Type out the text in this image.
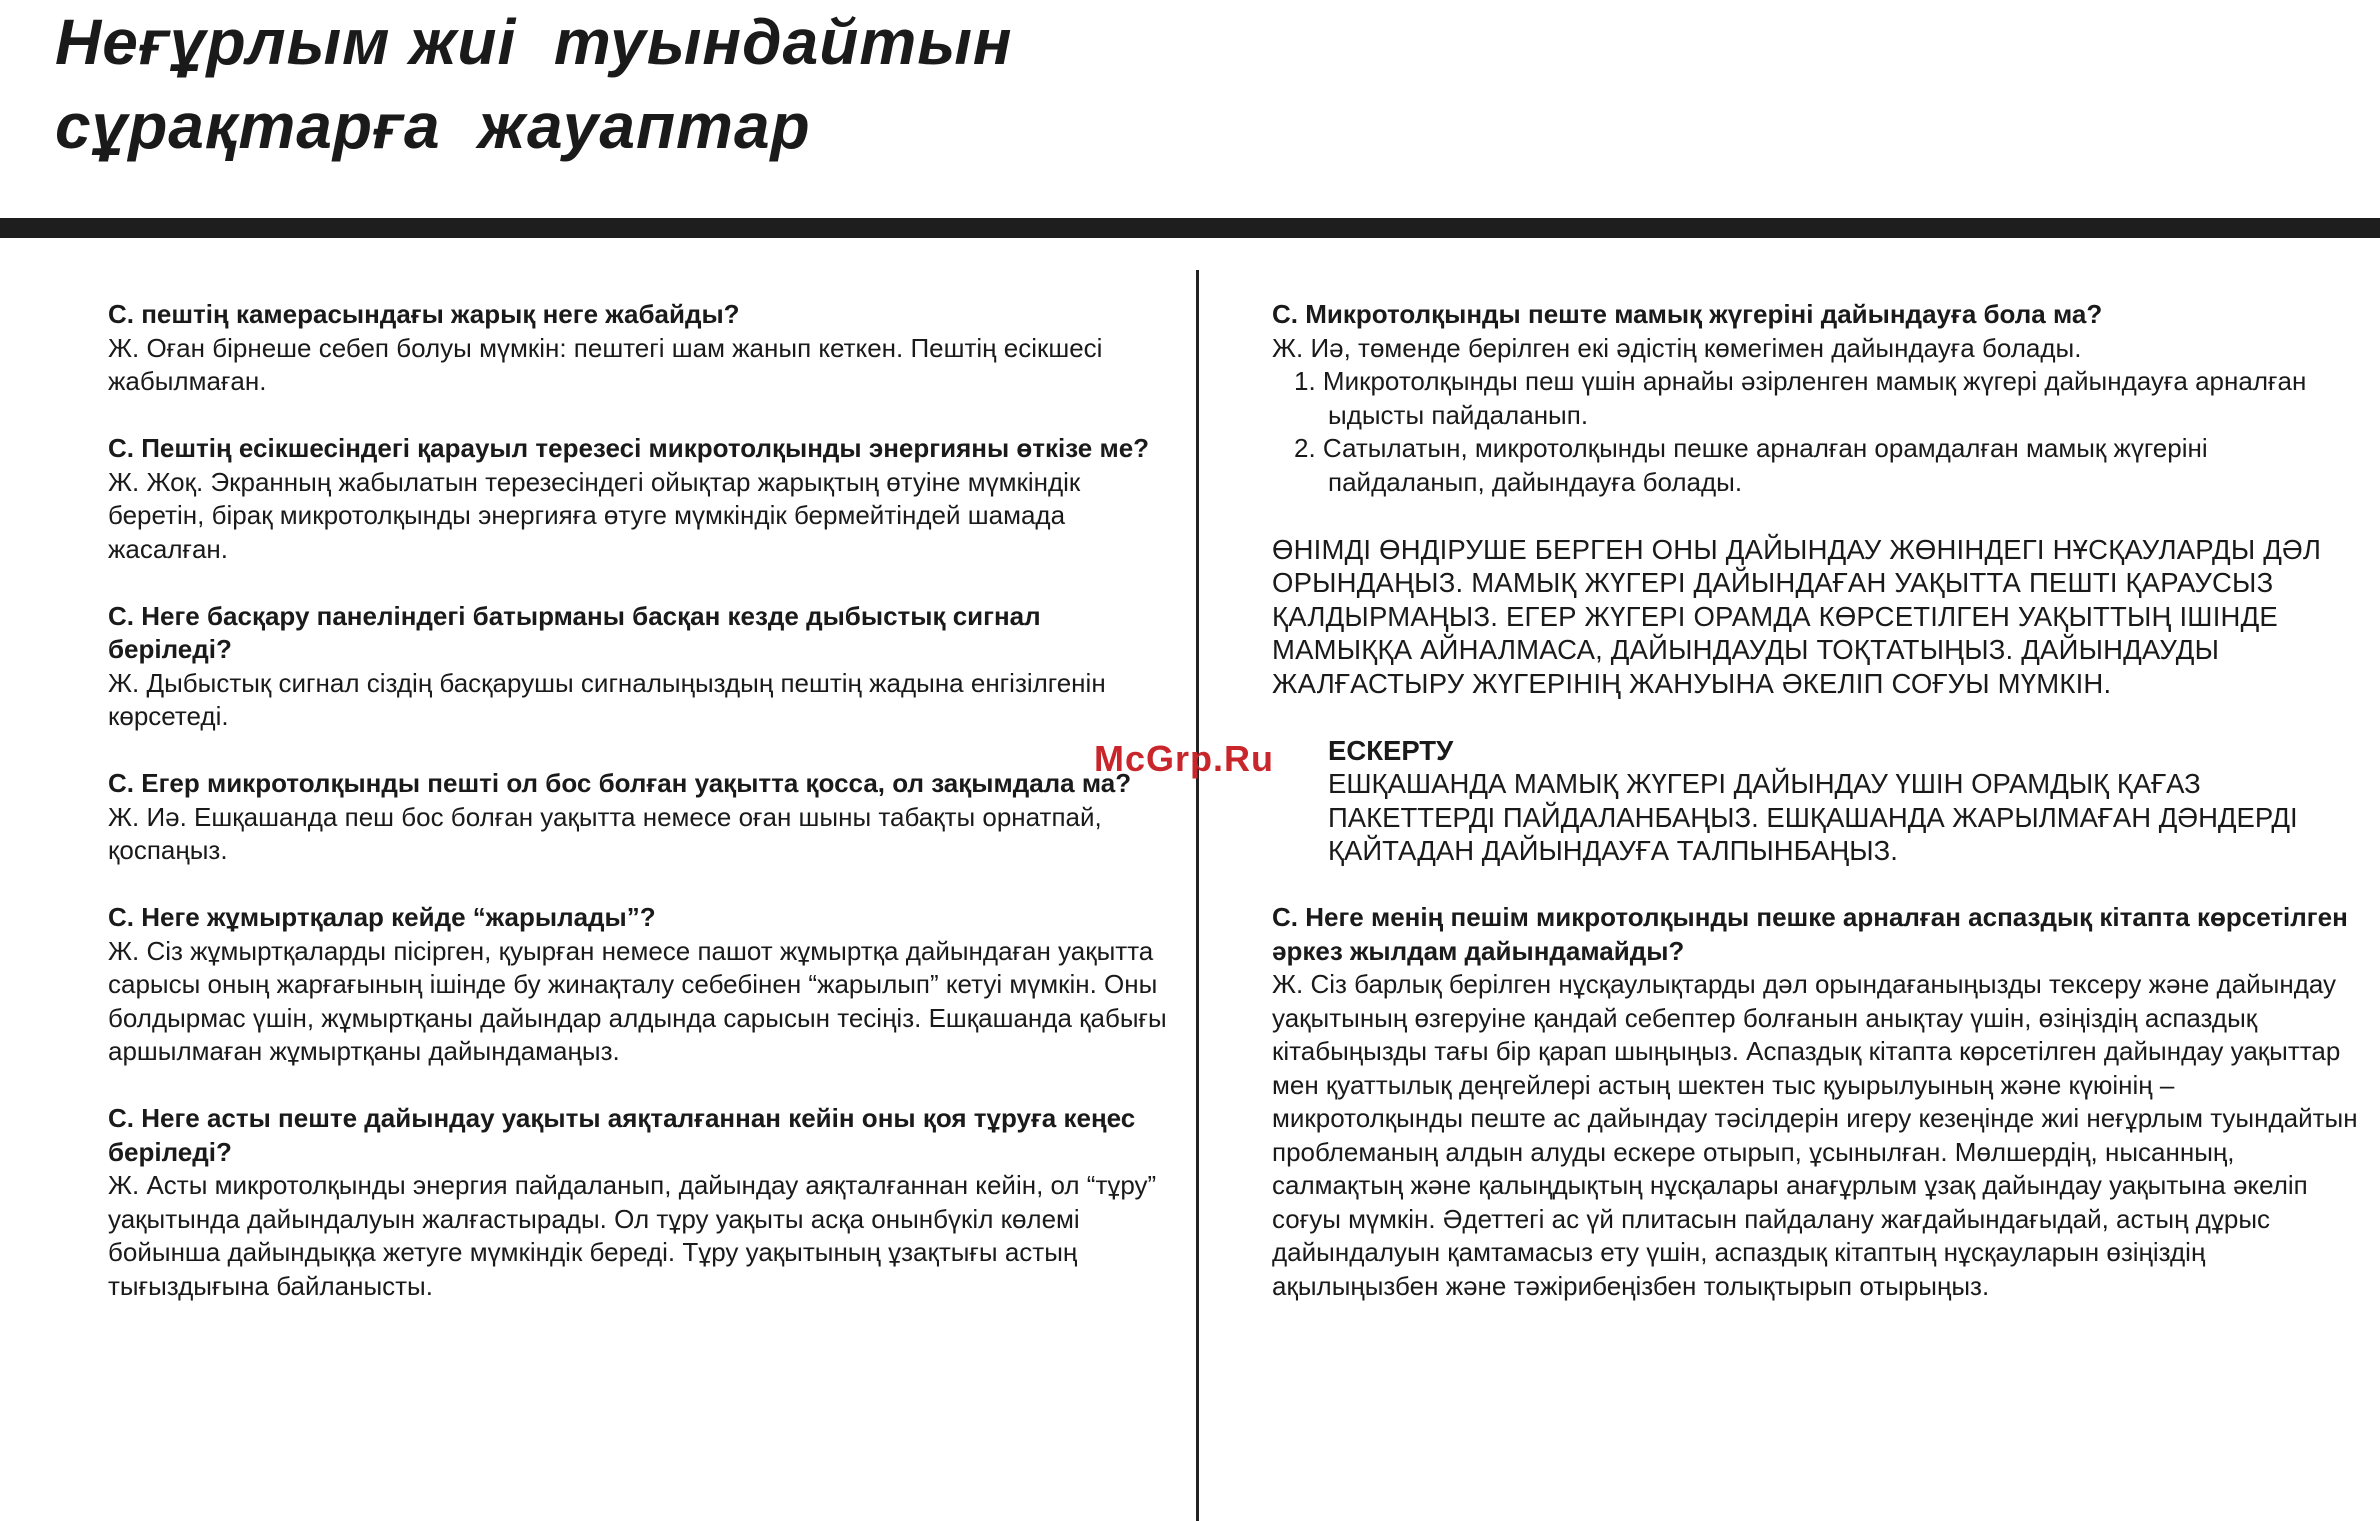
Неғұрлым жиі  туындайтын
сұрақтарға  жауаптар

С. пештің камерасындағы жарық неге жабайды?

Ж. Оған бірнеше себеп болуы мүмкін: пештегі шам жанып кеткен. Пештің есікшесі жабылмаған.

С. Пештің есікшесіндегі қарауыл терезесі микротолқынды энергияны өткізе ме?

Ж. Жоқ. Экранның жабылатын терезесіндегі ойықтар жарықтың өтуіне мүмкіндік беретін, бірақ микротолқынды энергияға өтуге мүмкіндік бермейтіндей шамада жасалған.

С. Неге басқару панеліндегі батырманы басқан кезде дыбыстық сигнал беріледі?

Ж. Дыбыстық сигнал сіздің басқарушы сигналыңыздың пештің жадына енгізілгенін көрсетеді.

С. Егер микротолқынды пешті ол бос болған уақытта қосса, ол зақымдала ма?

Ж. Иә. Ешқашанда пеш бос болған уақытта немесе оған шыны табақты орнатпай, қоспаңыз.

С. Неге жұмыртқалар кейде “жарылады”?

Ж. Сіз жұмыртқаларды пісірген, қуырған немесе пашот жұмыртқа дайындаған уақытта сарысы оның жарғағының ішінде бу жинақталу себебінен “жарылып” кетуі мүмкін. Оны болдырмас үшін, жұмыртқаны дайындар алдында сарысын тесіңіз. Ешқашанда қабығы аршылмаған жұмыртқаны дайындамаңыз.

С. Неге асты пеште дайындау уақыты аяқталғаннан кейін оны қоя тұруға кеңес беріледі?

Ж. Асты микротолқынды энергия пайдаланып, дайындау аяқталғаннан кейін, ол “тұру” уақытында дайындалуын жалғастырады. Ол тұру уақыты асқа онынбүкіл көлемі бойынша дайындыққа жетуге мүмкіндік береді. Тұру уақытының ұзақтығы астың тығыздығына байланысты.

С. Микротолқынды пеште мамық жүгеріні дайындауға бола ма?

Ж. Иә, төменде берілген екі әдістің көмегімен дайындауға болады.

1. Микротолқынды пеш үшін арнайы әзірленген мамық жүгері дайындауға арналған ыдысты пайдаланып.
2. Сатылатын, микротолқынды пешке арналған орамдалған мамық жүгеріні пайдаланып, дайындауға болады.

ӨНІМДІ ӨНДІРУШЕ БЕРГЕН ОНЫ ДАЙЫНДАУ ЖӨНІНДЕГІ НҰСҚАУЛАРДЫ ДӘЛ ОРЫНДАҢЫЗ. МАМЫҚ ЖҮГЕРІ ДАЙЫНДАҒАН УАҚЫТТА ПЕШТІ ҚАРАУСЫЗ ҚАЛДЫРМАҢЫЗ. ЕГЕР ЖҮГЕРІ ОРАМДА КӨРСЕТІЛГЕН УАҚЫТТЫҢ ІШІНДЕ МАМЫҚҚА АЙНАЛМАСА, ДАЙЫНДАУДЫ ТОҚТАТЫҢЫЗ. ДАЙЫНДАУДЫ ЖАЛҒАСТЫРУ ЖҮГЕРІНІҢ ЖАНУЫНА ӘКЕЛІП СОҒУЫ МҮМКІН.

ЕСКЕРТУ

ЕШҚАШАНДА МАМЫҚ ЖҮГЕРІ ДАЙЫНДАУ ҮШІН ОРАМДЫҚ ҚАҒАЗ ПАКЕТТЕРДІ ПАЙДАЛАНБАҢЫЗ. ЕШҚАШАНДА ЖАРЫЛМАҒАН ДӘНДЕРДІ ҚАЙТАДАН ДАЙЫНДАУҒА ТАЛПЫНБАҢЫЗ.

С. Неге менің пешім микротолқынды пешке арналған аспаздық кітапта көрсетілген әркез жылдам дайындамайды?

Ж. Сіз барлық берілген нұсқаулықтарды дәл орындағаныңызды тексеру және дайындау уақытының өзгеруіне қандай себептер болғанын анықтау үшін, өзіңіздің аспаздық кітабыңызды тағы бір қарап шыңыңыз. Аспаздық кітапта көрсетілген дайындау уақыттар мен қуаттылық деңгейлері астың шектен тыс қуырылуының және күюінің – микротолқынды пеште ас дайындау тәсілдерін игеру кезеңінде жиі неғұрлым туындайтын проблеманың алдын алуды ескере отырып, ұсынылған. Мөлшердің, нысанның, салмақтың және қалыңдықтың нұсқалары анағұрлым ұзақ дайындау уақытына әкеліп соғуы мүмкін. Әдеттегі ас үй плитасын пайдалану жағдайындағыдай, астың дұрыс дайындалуын қамтамасыз ету үшін, аспаздық кітаптың нұсқауларын өзіңіздің ақылыңызбен және тәжірибеңізбен толықтырып отырыңыз.

McGrp.Ru
